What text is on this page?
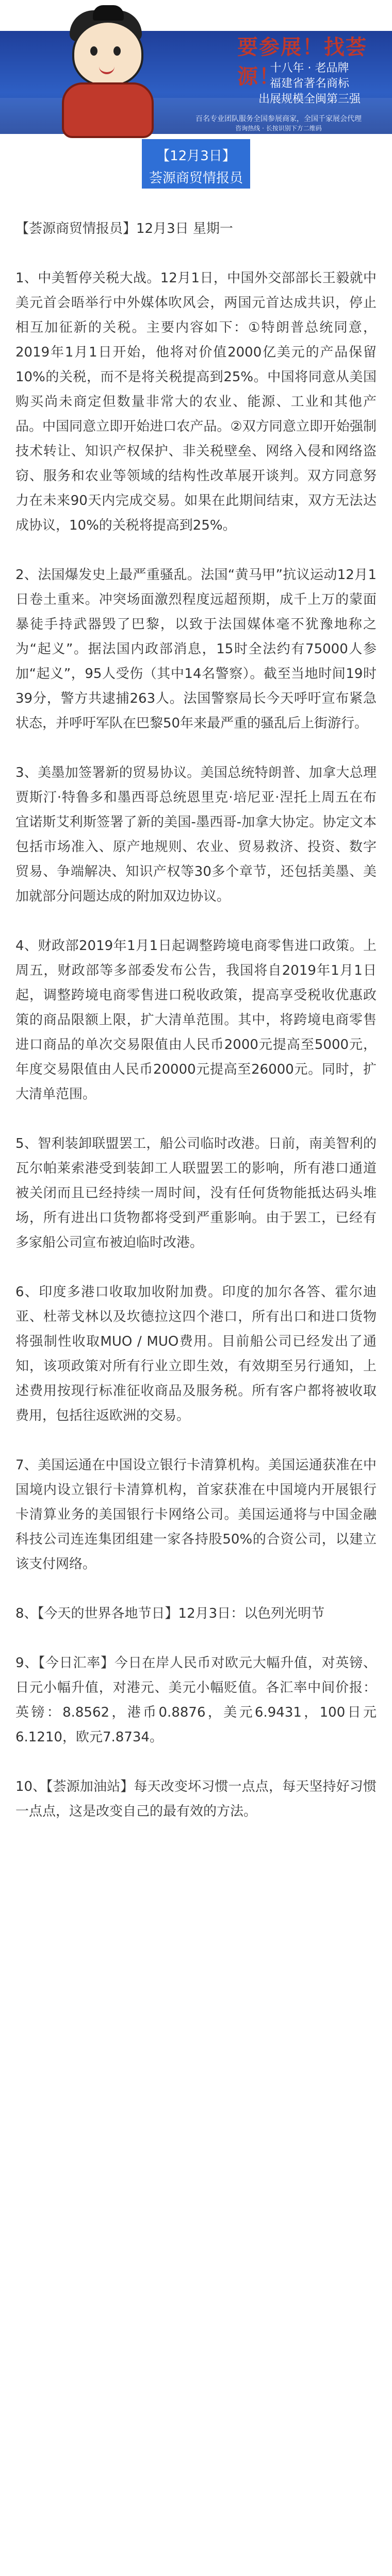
要参展！找荟源！
十八年 · 老品牌
福建省著名商标
出展规模全闽第三强
百名专业团队服务全国参展商家，全国千家展会代理
咨询热线 · 长按识别下方二维码
【12月3日】
荟源商贸情报员

【荟源商贸情报员】12月3日 星期一

1、中美暂停关税大战。12月1日，中国外交部部长王毅就中美元首会晤举行中外媒体吹风会，两国元首达成共识，停止相互加征新的关税。主要内容如下：①特朗普总统同意，2019年1月1日开始，他将对价值2000亿美元的产品保留10%的关税，而不是将关税提高到25%。中国将同意从美国购买尚未商定但数量非常大的农业、能源、工业和其他产品。中国同意立即开始进口农产品。②双方同意立即开始强制技术转让、知识产权保护、非关税壁垒、网络入侵和网络盗窃、服务和农业等领域的结构性改革展开谈判。双方同意努力在未来90天内完成交易。如果在此期间结束，双方无法达成协议，10%的关税将提高到25%。

2、法国爆发史上最严重骚乱。法国“黄马甲”抗议运动12月1日卷土重来。冲突场面激烈程度远超预期，成千上万的蒙面暴徒手持武器毁了巴黎，以致于法国媒体毫不犹豫地称之为“起义”。据法国内政部消息，15时全法约有75000人参加“起义”，95人受伤（其中14名警察）。截至当地时间19时39分，警方共逮捕263人。法国警察局长今天呼吁宣布紧急状态，并呼吁军队在巴黎50年来最严重的骚乱后上街游行。

3、美墨加签署新的贸易协议。美国总统特朗普、加拿大总理贾斯汀·特鲁多和墨西哥总统恩里克·培尼亚·涅托上周五在布宜诺斯艾利斯签署了新的美国-墨西哥-加拿大协定。协定文本包括市场准入、原产地规则、农业、贸易救济、投资、数字贸易、争端解决、知识产权等30多个章节，还包括美墨、美加就部分问题达成的附加双边协议。

4、财政部2019年1月1日起调整跨境电商零售进口政策。上周五，财政部等多部委发布公告，我国将自2019年1月1日起，调整跨境电商零售进口税收政策，提高享受税收优惠政策的商品限额上限，扩大清单范围。其中，将跨境电商零售进口商品的单次交易限值由人民币2000元提高至5000元，年度交易限值由人民币20000元提高至26000元。同时，扩大清单范围。

5、智利装卸联盟罢工，船公司临时改港。日前，南美智利的瓦尔帕莱索港受到装卸工人联盟罢工的影响，所有港口通道被关闭而且已经持续一周时间，没有任何货物能抵达码头堆场，所有进出口货物都将受到严重影响。由于罢工，已经有多家船公司宣布被迫临时改港。

6、印度多港口收取加收附加费。印度的加尔各答、霍尔迪亚、杜蒂戈林以及坎德拉这四个港口，所有出口和进口货物将强制性收取MUO / MUO费用。目前船公司已经发出了通知，该项政策对所有行业立即生效，有效期至另行通知，上述费用按现行标准征收商品及服务税。所有客户都将被收取费用，包括往返欧洲的交易。

7、美国运通在中国设立银行卡清算机构。美国运通获准在中国境内设立银行卡清算机构，首家获准在中国境内开展银行卡清算业务的美国银行卡网络公司。美国运通将与中国金融科技公司连连集团组建一家各持股50%的合资公司，以建立该支付网络。

8、【今天的世界各地节日】12月3日：以色列光明节

9、【今日汇率】今日在岸人民币对欧元大幅升值，对英镑、日元小幅升值，对港元、美元小幅贬值。各汇率中间价报：英镑：8.8562，港币0.8876，美元6.9431，100日元6.1210，欧元7.8734。

10、【荟源加油站】每天改变坏习惯一点点，每天坚持好习惯一点点，这是改变自己的最有效的方法。
